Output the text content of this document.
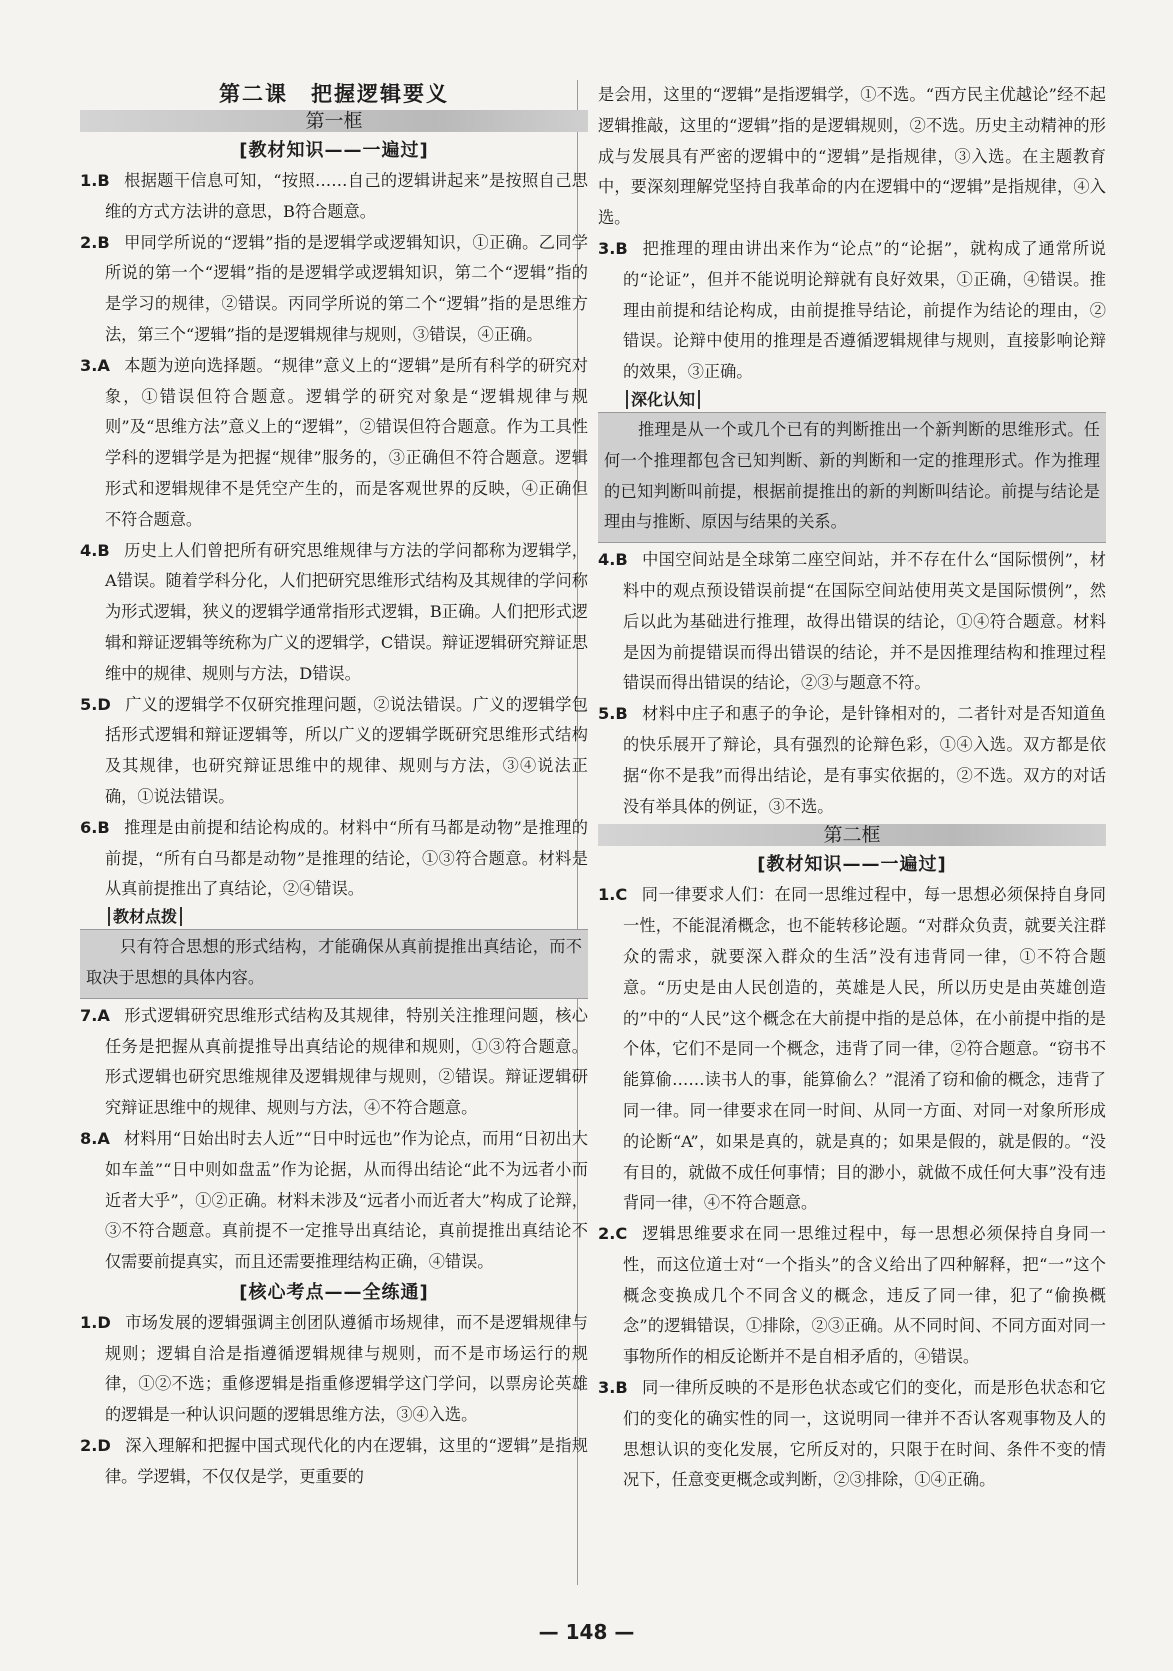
第二课　把握逻辑要义
第一框
[教材知识——一遍过]

1.B 根据题干信息可知，“按照……自己的逻辑讲起来”是按照自己思维的方式方法讲的意思，B符合题意。

2.B 甲同学所说的“逻辑”指的是逻辑学或逻辑知识，①正确。乙同学所说的第一个“逻辑”指的是逻辑学或逻辑知识，第二个“逻辑”指的是学习的规律，②错误。丙同学所说的第二个“逻辑”指的是思维方法，第三个“逻辑”指的是逻辑规律与规则，③错误，④正确。

3.A 本题为逆向选择题。“规律”意义上的“逻辑”是所有科学的研究对象，①错误但符合题意。逻辑学的研究对象是“逻辑规律与规则”及“思维方法”意义上的“逻辑”，②错误但符合题意。作为工具性学科的逻辑学是为把握“规律”服务的，③正确但不符合题意。逻辑形式和逻辑规律不是凭空产生的，而是客观世界的反映，④正确但不符合题意。

4.B 历史上人们曾把所有研究思维规律与方法的学问都称为逻辑学，A错误。随着学科分化，人们把研究思维形式结构及其规律的学问称为形式逻辑，狭义的逻辑学通常指形式逻辑，B正确。人们把形式逻辑和辩证逻辑等统称为广义的逻辑学，C错误。辩证逻辑研究辩证思维中的规律、规则与方法，D错误。

5.D 广义的逻辑学不仅研究推理问题，②说法错误。广义的逻辑学包括形式逻辑和辩证逻辑等，所以广义的逻辑学既研究思维形式结构及其规律，也研究辩证思维中的规律、规则与方法，③④说法正确，①说法错误。

6.B 推理是由前提和结论构成的。材料中“所有马都是动物”是推理的前提，“所有白马都是动物”是推理的结论，①③符合题意。材料是从真前提推出了真结论，②④错误。

教材点拨
只有符合思想的形式结构，才能确保从真前提推出真结论，而不取决于思想的具体内容。

7.A 形式逻辑研究思维形式结构及其规律，特别关注推理问题，核心任务是把握从真前提推导出真结论的规律和规则，①③符合题意。形式逻辑也研究思维规律及逻辑规律与规则，②错误。辩证逻辑研究辩证思维中的规律、规则与方法，④不符合题意。

8.A 材料用“日始出时去人近”“日中时远也”作为论点，而用“日初出大如车盖”“日中则如盘盂”作为论据，从而得出结论“此不为远者小而近者大乎”，①②正确。材料未涉及“远者小而近者大”构成了论辩，③不符合题意。真前提不一定推导出真结论，真前提推出真结论不仅需要前提真实，而且还需要推理结构正确，④错误。

[核心考点——全练通]

1.D 市场发展的逻辑强调主创团队遵循市场规律，而不是逻辑规律与规则；逻辑自洽是指遵循逻辑规律与规则，而不是市场运行的规律，①②不选；重修逻辑是指重修逻辑学这门学问，以票房论英雄的逻辑是一种认识问题的逻辑思维方法，③④入选。

2.D 深入理解和把握中国式现代化的内在逻辑，这里的“逻辑”是指规律。学逻辑，不仅仅是学，更重要的

是会用，这里的“逻辑”是指逻辑学，①不选。“西方民主优越论”经不起逻辑推敲，这里的“逻辑”指的是逻辑规则，②不选。历史主动精神的形成与发展具有严密的逻辑中的“逻辑”是指规律，③入选。在主题教育中，要深刻理解党坚持自我革命的内在逻辑中的“逻辑”是指规律，④入选。

3.B 把推理的理由讲出来作为“论点”的“论据”，就构成了通常所说的“论证”，但并不能说明论辩就有良好效果，①正确，④错误。推理由前提和结论构成，由前提推导结论，前提作为结论的理由，②错误。论辩中使用的推理是否遵循逻辑规律与规则，直接影响论辩的效果，③正确。

深化认知
推理是从一个或几个已有的判断推出一个新判断的思维形式。任何一个推理都包含已知判断、新的判断和一定的推理形式。作为推理的已知判断叫前提，根据前提推出的新的判断叫结论。前提与结论是理由与推断、原因与结果的关系。

4.B 中国空间站是全球第二座空间站，并不存在什么“国际惯例”，材料中的观点预设错误前提“在国际空间站使用英文是国际惯例”，然后以此为基础进行推理，故得出错误的结论，①④符合题意。材料是因为前提错误而得出错误的结论，并不是因推理结构和推理过程错误而得出错误的结论，②③与题意不符。

5.B 材料中庄子和惠子的争论，是针锋相对的，二者针对是否知道鱼的快乐展开了辩论，具有强烈的论辩色彩，①④入选。双方都是依据“你不是我”而得出结论，是有事实依据的，②不选。双方的对话没有举具体的例证，③不选。

第二框
[教材知识——一遍过]

1.C 同一律要求人们：在同一思维过程中，每一思想必须保持自身同一性，不能混淆概念，也不能转移论题。“对群众负责，就要关注群众的需求，就要深入群众的生活”没有违背同一律，①不符合题意。“历史是由人民创造的，英雄是人民，所以历史是由英雄创造的”中的“人民”这个概念在大前提中指的是总体，在小前提中指的是个体，它们不是同一个概念，违背了同一律，②符合题意。“窃书不能算偷……读书人的事，能算偷么？”混淆了窃和偷的概念，违背了同一律。同一律要求在同一时间、从同一方面、对同一对象所形成的论断“A”，如果是真的，就是真的；如果是假的，就是假的。“没有目的，就做不成任何事情；目的渺小，就做不成任何大事”没有违背同一律，④不符合题意。

2.C 逻辑思维要求在同一思维过程中，每一思想必须保持自身同一性，而这位道士对“一个指头”的含义给出了四种解释，把“一”这个概念变换成几个不同含义的概念，违反了同一律，犯了“偷换概念”的逻辑错误，①排除，②③正确。从不同时间、不同方面对同一事物所作的相反论断并不是自相矛盾的，④错误。

3.B 同一律所反映的不是形色状态或它们的变化，而是形色状态和它们的变化的确实性的同一，这说明同一律并不否认客观事物及人的思想认识的变化发展，它所反对的，只限于在时间、条件不变的情况下，任意变更概念或判断，②③排除，①④正确。

— 148 —
